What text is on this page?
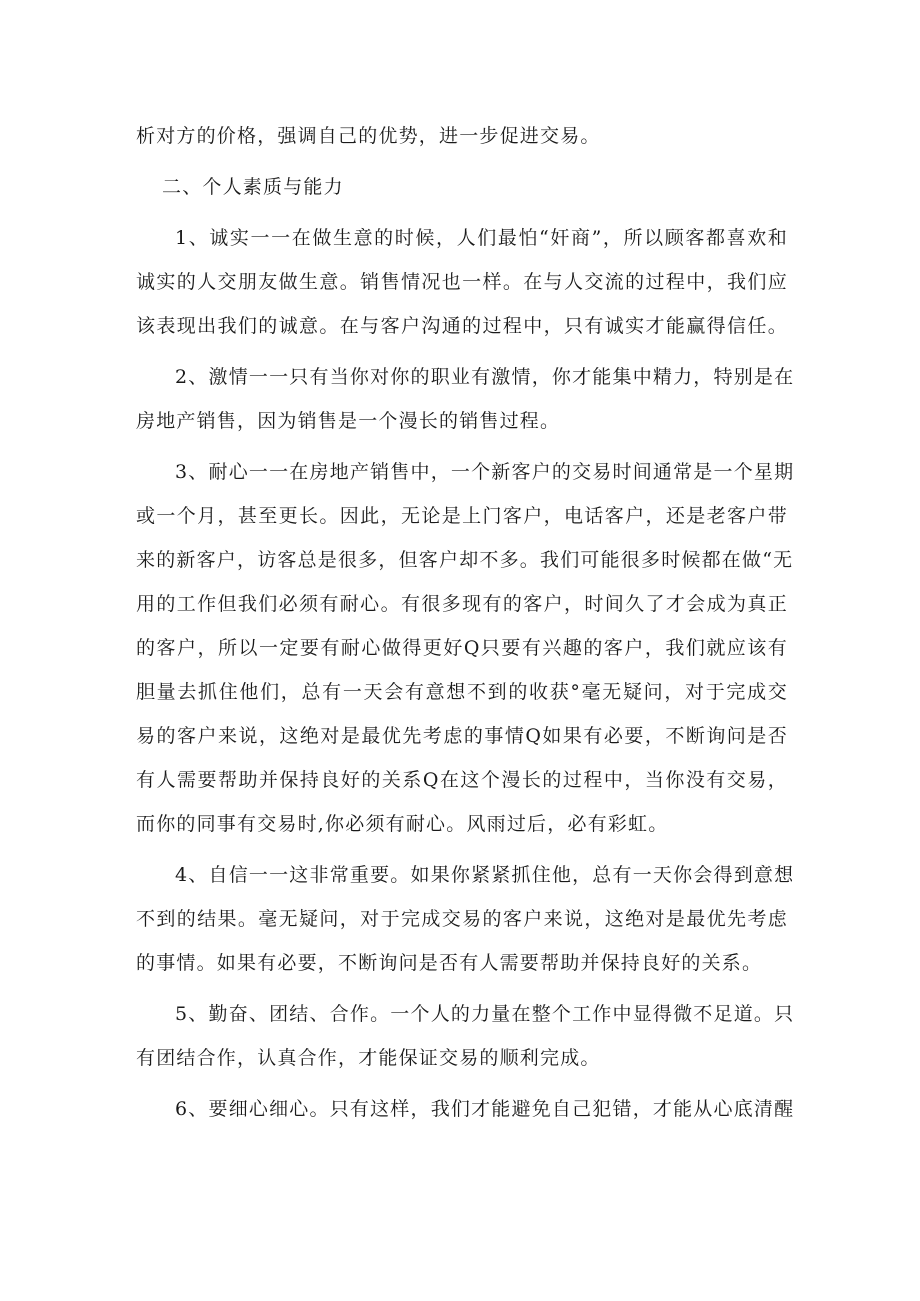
析对方的价格，强调自己的优势，进一步促进交易。

二、个人素质与能力

1、诚实一一在做生意的时候，人们最怕“奸商”，所以顾客都喜欢和
诚实的人交朋友做生意。销售情况也一样。在与人交流的过程中，我们应
该表现出我们的诚意。在与客户沟通的过程中，只有诚实才能赢得信任。

2、激情一一只有当你对你的职业有激情，你才能集中精力，特别是在
房地产销售，因为销售是一个漫长的销售过程。

3、耐心一一在房地产销售中，一个新客户的交易时间通常是一个星期
或一个月，甚至更长。因此，无论是上门客户，电话客户，还是老客户带
来的新客户，访客总是很多，但客户却不多。我们可能很多时候都在做“无
用的工作但我们必须有耐心。有很多现有的客户，时间久了才会成为真正
的客户，所以一定要有耐心做得更好Q只要有兴趣的客户，我们就应该有
胆量去抓住他们，总有一天会有意想不到的收获°毫无疑问，对于完成交
易的客户来说，这绝对是最优先考虑的事情Q如果有必要，不断询问是否
有人需要帮助并保持良好的关系Q在这个漫长的过程中，当你没有交易，
而你的同事有交易时,你必须有耐心。风雨过后，必有彩虹。

4、自信一一这非常重要。如果你紧紧抓住他，总有一天你会得到意想
不到的结果。毫无疑问，对于完成交易的客户来说，这绝对是最优先考虑
的事情。如果有必要，不断询问是否有人需要帮助并保持良好的关系。

5、勤奋、团结、合作。一个人的力量在整个工作中显得微不足道。只
有团结合作，认真合作，才能保证交易的顺利完成。

6、要细心细心。只有这样，我们才能避免自己犯错，才能从心底清醒
